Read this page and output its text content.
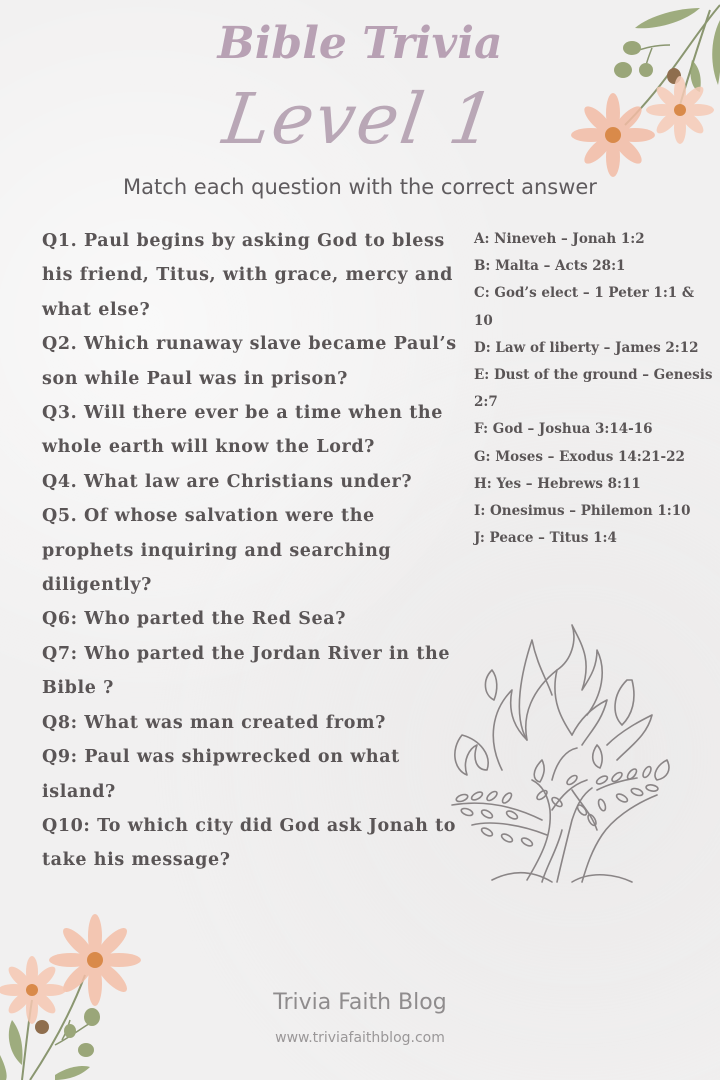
Bible Trivia
Level 1
Match each question with the correct answer

Q1. Paul begins by asking God to bless his friend, Titus, with grace, mercy and what else?

Q2. Which runaway slave became Paul’s son while Paul was in prison?

Q3. Will there ever be a time when the whole earth will know the Lord?

Q4. What law are Christians under?

Q5. Of whose salvation were the prophets inquiring and searching diligently?

Q6: Who parted the Red Sea?

Q7: Who parted the Jordan River in the Bible ?

Q8: What was man created from?

Q9: Paul was shipwrecked on what island?

Q10: To which city did God ask Jonah to take his message?

A: Nineveh – Jonah 1:2

B: Malta – Acts 28:1

C: God’s elect – 1 Peter 1:1 & 10

D: Law of liberty – James 2:12

E: Dust of the ground – Genesis 2:7

F: God – Joshua 3:14-16

G: Moses – Exodus 14:21-22

H: Yes – Hebrews 8:11

I: Onesimus – Philemon 1:10

J: Peace – Titus 1:4

Trivia Faith Blog
www.triviafaithblog.com
